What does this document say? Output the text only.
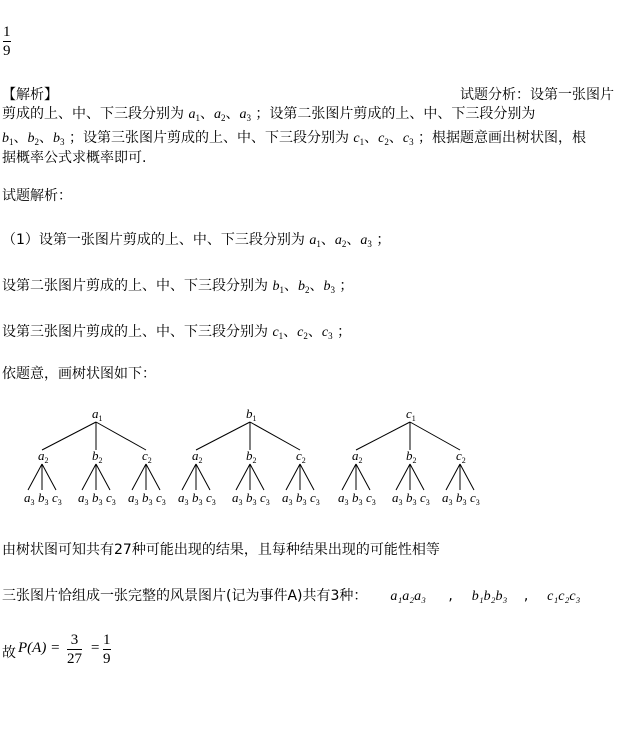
1
9
【解析】	试题分析：设第一张图片
剪成的上、中、下三段分别为 $a_1$、$a_2$、$a_3$ ；设第二张图片剪成的上、中、下三段分别为
$b_1$、$b_2$、$b_3$ ；设第三张图片剪成的上、中、下三段分别为 $c_1$、$c_2$、$c_3$ ；根据题意画出树状图，根
据概率公式求概率即可.
试题解析：
（1）设第一张图片剪成的上、中、下三段分别为 $a_1$、$a_2$、$a_3$ ；
设第二张图片剪成的上、中、下三段分别为 $b_1$、$b_2$、$b_3$ ；
设第三张图片剪成的上、中、下三段分别为 $c_1$、$c_2$、$c_3$ ；
依题意，画树状图如下：
$a_1$
$a_2$
$a_3$ $b_3$ $c_3$
$b_2$
$a_3$ $b_3$ $c_3$
$c_2$
$a_3$ $b_3$ $c_3$
$b_1$
$a_2$
$a_3$ $b_3$ $c_3$
$b_2$
$a_3$ $b_3$ $c_3$
$c_2$
$a_3$ $b_3$ $c_3$
$c_1$
$a_2$
$a_3$ $b_3$ $c_3$
$b_2$
$a_3$ $b_3$ $c_3$
$c_2$
$a_3$ $b_3$ $c_3$
由树状图可知共有27种可能出现的结果，且每种结果出现的可能性相等
三张图片恰组成一张完整的风景图片(记为事件A)共有3种： a₁a₂a₃ ,  b₁b₂b₃ ,  c₁c₂c₃
故 P(A) = 3
27
= 1
9
